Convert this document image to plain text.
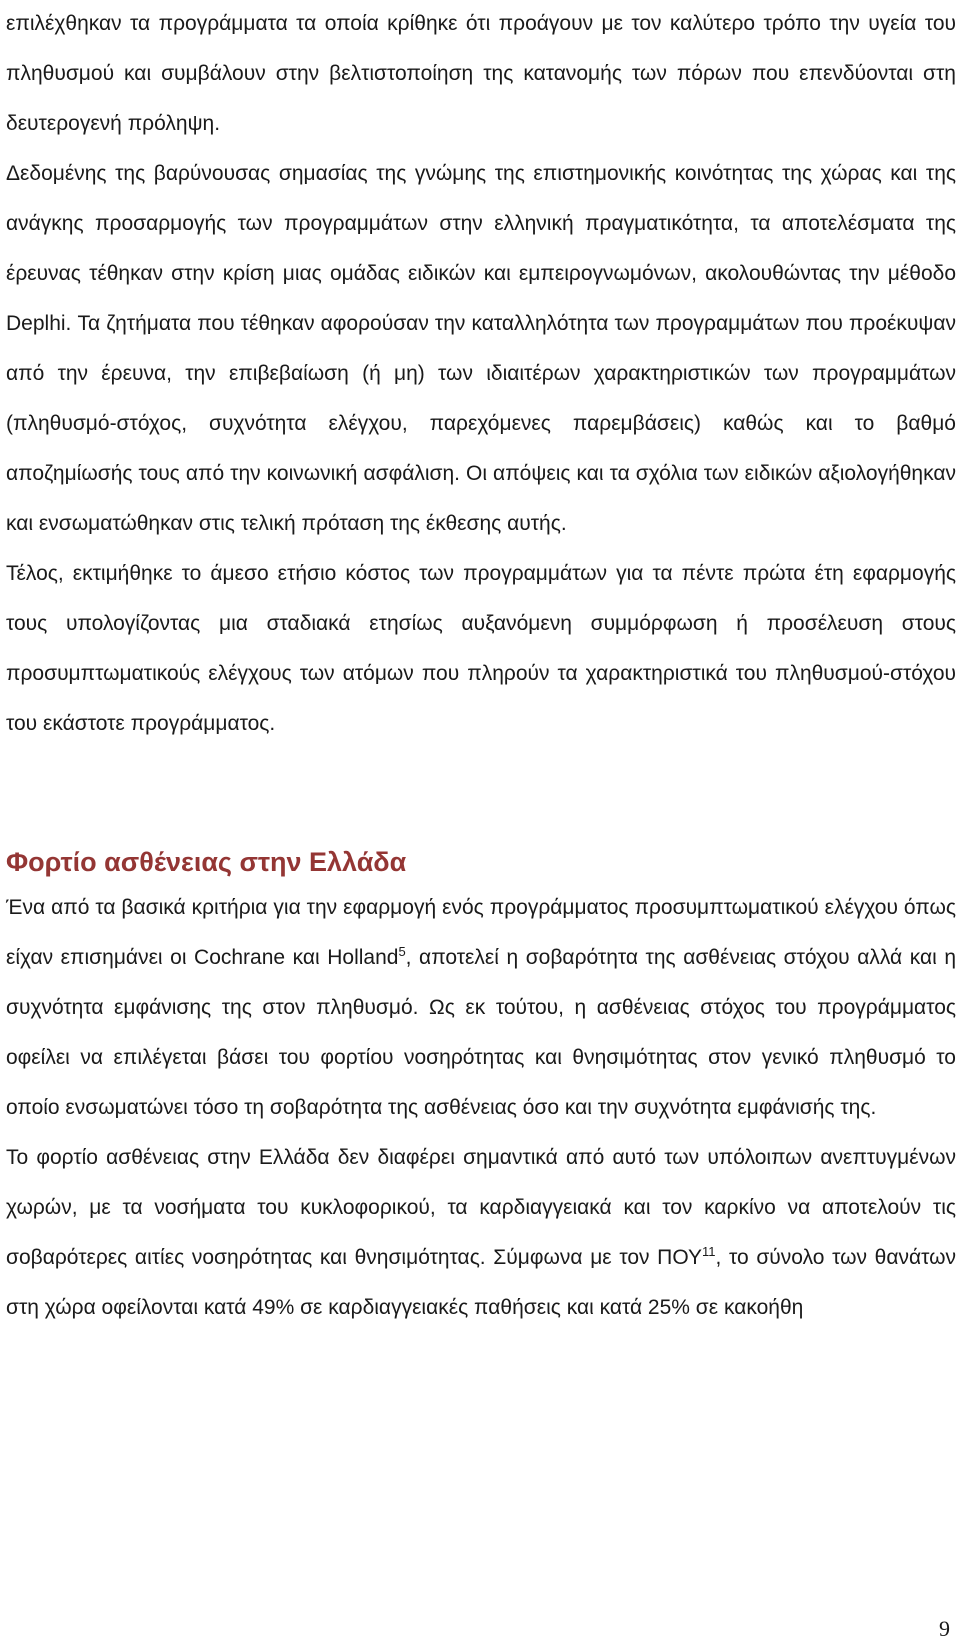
επιλέχθηκαν τα προγράμματα τα οποία κρίθηκε ότι προάγουν με τον καλύτερο τρόπο την υγεία του πληθυσμού και συμβάλουν στην βελτιστοποίηση της κατανομής των πόρων που επενδύονται στη δευτερογενή πρόληψη.

Δεδομένης της βαρύνουσας σημασίας της γνώμης της επιστημονικής κοινότητας της χώρας και της ανάγκης προσαρμογής των προγραμμάτων στην ελληνική πραγματικότητα, τα αποτελέσματα της έρευνας τέθηκαν στην κρίση μιας ομάδας ειδικών και εμπειρογνωμόνων, ακολουθώντας την μέθοδο Deplhi. Τα ζητήματα που τέθηκαν αφορούσαν την καταλληλότητα των προγραμμάτων που προέκυψαν από την έρευνα, την επιβεβαίωση (ή μη) των ιδιαιτέρων χαρακτηριστικών των προγραμμάτων (πληθυσμό-στόχος, συχνότητα ελέγχου, παρεχόμενες παρεμβάσεις) καθώς και το βαθμό αποζημίωσής τους από την κοινωνική ασφάλιση. Οι απόψεις και τα σχόλια των ειδικών αξιολογήθηκαν και ενσωματώθηκαν στις τελική πρόταση της έκθεσης αυτής.

Τέλος, εκτιμήθηκε το άμεσο ετήσιο κόστος των προγραμμάτων για τα πέντε πρώτα έτη εφαρμογής τους υπολογίζοντας μια σταδιακά ετησίως αυξανόμενη συμμόρφωση ή προσέλευση στους προσυμπτωματικούς ελέγχους των ατόμων που πληρούν τα χαρακτηριστικά του πληθυσμού-στόχου του εκάστοτε προγράμματος.

Φορτίο ασθένειας στην Ελλάδα

Ένα από τα βασικά κριτήρια για την εφαρμογή ενός προγράμματος προσυμπτωματικού ελέγχου όπως είχαν επισημάνει οι Cochrane και Holland$^5$, αποτελεί η σοβαρότητα της ασθένειας στόχου αλλά και η συχνότητα εμφάνισης της στον πληθυσμό. Ως εκ τούτου, η ασθένειας στόχος του προγράμματος οφείλει να επιλέγεται βάσει του φορτίου νοσηρότητας και θνησιμότητας στον γενικό πληθυσμό το οποίο ενσωματώνει τόσο τη σοβαρότητα της ασθένειας όσο και την συχνότητα εμφάνισής της.

Το φορτίο ασθένειας στην Ελλάδα δεν διαφέρει σημαντικά από αυτό των υπόλοιπων ανεπτυγμένων χωρών, με τα νοσήματα του κυκλοφορικού, τα καρδιαγγειακά και τον καρκίνο να αποτελούν τις σοβαρότερες αιτίες νοσηρότητας και θνησιμότητας. Σύμφωνα με τον ΠΟΥ$^{11}$, το σύνολο των θανάτων στη χώρα οφείλονται κατά 49% σε καρδιαγγειακές παθήσεις και κατά 25% σε κακοήθη

9
